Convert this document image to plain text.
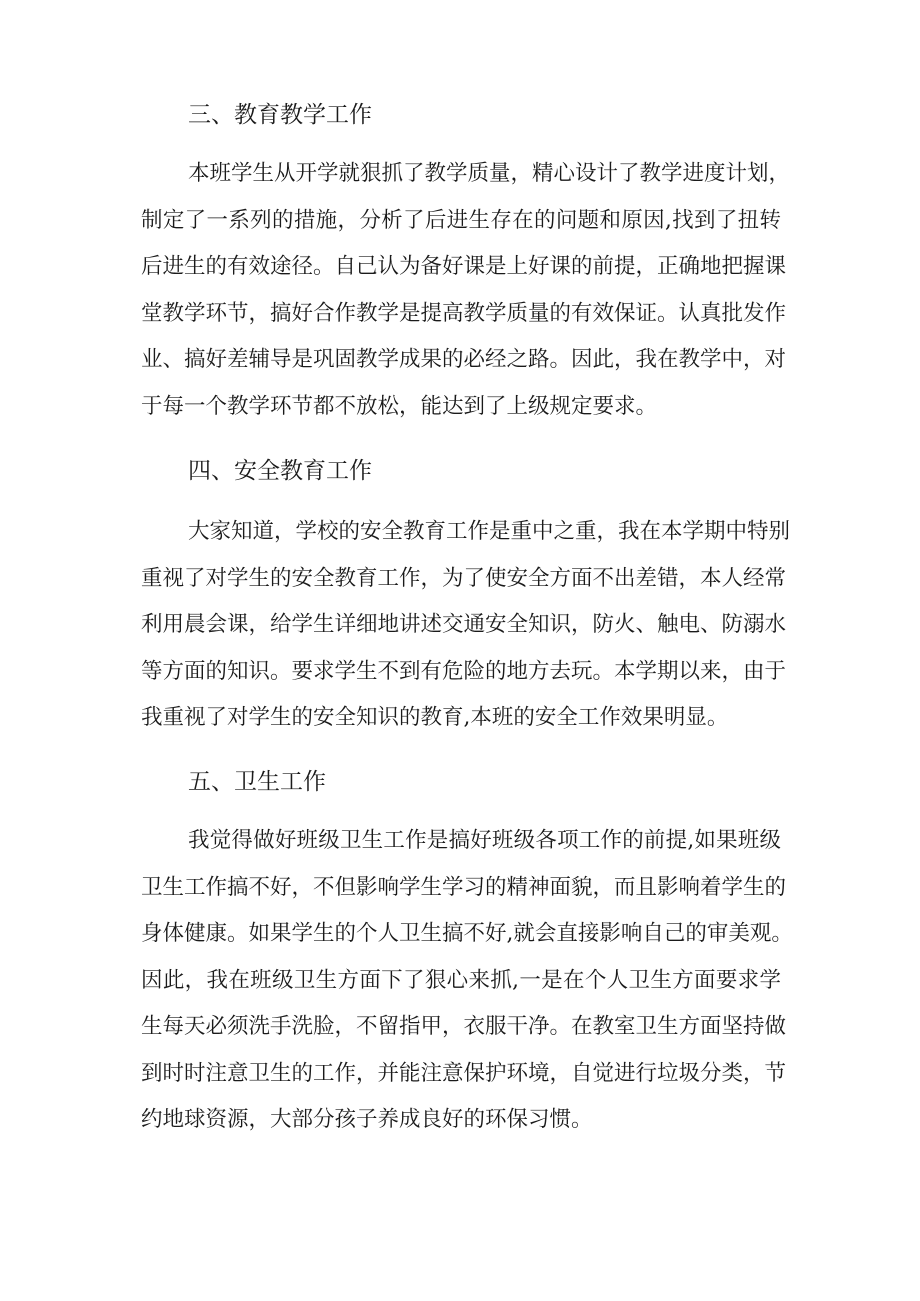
三、教育教学工作
本班学生从开学就狠抓了教学质量，精心设计了教学进度计划，
制定了一系列的措施，分析了后进生存在的问题和原因,找到了扭转
后进生的有效途径。自己认为备好课是上好课的前提，正确地把握课
堂教学环节，搞好合作教学是提高教学质量的有效保证。认真批发作
业、搞好差辅导是巩固教学成果的必经之路。因此，我在教学中，对
于每一个教学环节都不放松，能达到了上级规定要求。
四、安全教育工作
大家知道，学校的安全教育工作是重中之重，我在本学期中特别
重视了对学生的安全教育工作，为了使安全方面不出差错，本人经常
利用晨会课，给学生详细地讲述交通安全知识，防火、触电、防溺水
等方面的知识。要求学生不到有危险的地方去玩。本学期以来，由于
我重视了对学生的安全知识的教育,本班的安全工作效果明显。
五、卫生工作
我觉得做好班级卫生工作是搞好班级各项工作的前提,如果班级
卫生工作搞不好，不但影响学生学习的精神面貌，而且影响着学生的
身体健康。如果学生的个人卫生搞不好,就会直接影响自己的审美观。
因此，我在班级卫生方面下了狠心来抓,一是在个人卫生方面要求学
生每天必须洗手洗脸，不留指甲，衣服干净。在教室卫生方面坚持做
到时时注意卫生的工作，并能注意保护环境，自觉进行垃圾分类，节
约地球资源，大部分孩子养成良好的环保习惯。
